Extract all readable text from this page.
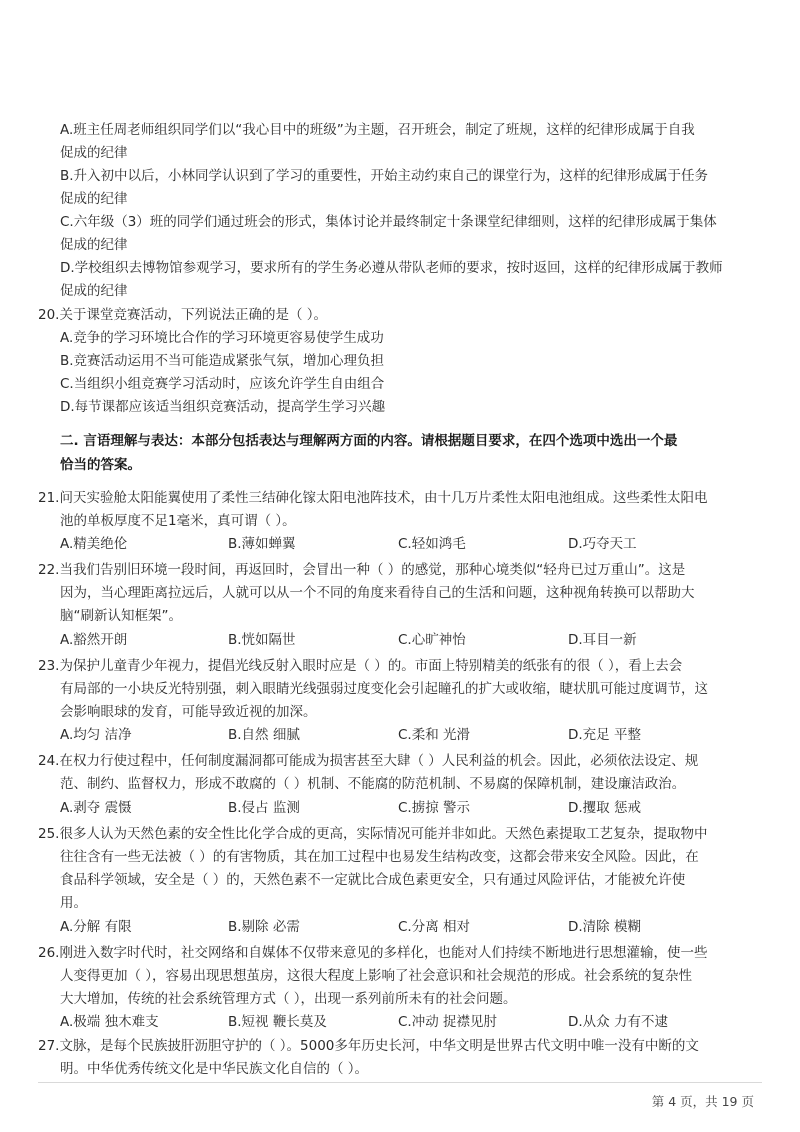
A.班主任周老师组织同学们以“我心目中的班级”为主题，召开班会，制定了班规，这样的纪律形成属于自我
促成的纪律
B.升入初中以后，小林同学认识到了学习的重要性，开始主动约束自己的课堂行为，这样的纪律形成属于任务
促成的纪律
C.六年级（3）班的同学们通过班会的形式，集体讨论并最终制定十条课堂纪律细则，这样的纪律形成属于集体
促成的纪律
D.学校组织去博物馆参观学习，要求所有的学生务必遵从带队老师的要求，按时返回，这样的纪律形成属于教师
促成的纪律
20.关于课堂竞赛活动，下列说法正确的是（ ）。
A.竞争的学习环境比合作的学习环境更容易使学生成功
B.竞赛活动运用不当可能造成紧张气氛，增加心理负担
C.当组织小组竞赛学习活动时，应该允许学生自由组合
D.每节课都应该适当组织竞赛活动，提高学生学习兴趣
二. 言语理解与表达：本部分包括表达与理解两方面的内容。请根据题目要求，在四个选项中选出一个最
恰当的答案。
21.问天实验舱太阳能翼使用了柔性三结砷化镓太阳电池阵技术，由十几万片柔性太阳电池组成。这些柔性太阳电
池的单板厚度不足1毫米，真可谓（ ）。
A.精美绝伦	B.薄如蝉翼	C.轻如鸿毛	D.巧夺天工
22.当我们告别旧环境一段时间，再返回时，会冒出一种（ ）的感觉，那种心境类似“轻舟已过万重山”。这是
因为，当心理距离拉远后，人就可以从一个不同的角度来看待自己的生活和问题，这种视角转换可以帮助大
脑“刷新认知框架”。
A.豁然开朗	B.恍如隔世	C.心旷神怡	D.耳目一新
23.为保护儿童青少年视力，提倡光线反射入眼时应是（ ）的。市面上特别精美的纸张有的很（ ），看上去会
有局部的一小块反光特别强，刺入眼睛光线强弱过度变化会引起瞳孔的扩大或收缩，睫状肌可能过度调节，这
会影响眼球的发育，可能导致近视的加深。
A.均匀 洁净	B.自然 细腻	C.柔和 光滑	D.充足 平整
24.在权力行使过程中，任何制度漏洞都可能成为损害甚至大肆（ ）人民利益的机会。因此，必须依法设定、规
范、制约、监督权力，形成不敢腐的（ ）机制、不能腐的防范机制、不易腐的保障机制，建设廉洁政治。
A.剥夺 震慑	B.侵占 监测	C.掳掠 警示	D.攫取 惩戒
25.很多人认为天然色素的安全性比化学合成的更高，实际情况可能并非如此。天然色素提取工艺复杂，提取物中
往往含有一些无法被（ ）的有害物质，其在加工过程中也易发生结构改变，这都会带来安全风险。因此，在
食品科学领域，安全是（ ）的，天然色素不一定就比合成色素更安全，只有通过风险评估，才能被允许使
用。
A.分解 有限	B.剔除 必需	C.分离 相对	D.清除 模糊
26.刚进入数字时代时，社交网络和自媒体不仅带来意见的多样化，也能对人们持续不断地进行思想灌输，使一些
人变得更加（ ），容易出现思想茧房，这很大程度上影响了社会意识和社会规范的形成。社会系统的复杂性
大大增加，传统的社会系统管理方式（ ），出现一系列前所未有的社会问题。
A.极端 独木难支	B.短视 鞭长莫及	C.冲动 捉襟见肘	D.从众 力有不逮
27.文脉，是每个民族披肝沥胆守护的（ ）。5000多年历史长河，中华文明是世界古代文明中唯一没有中断的文
明。中华优秀传统文化是中华民族文化自信的（ ）。
第 4 页，共 19 页
